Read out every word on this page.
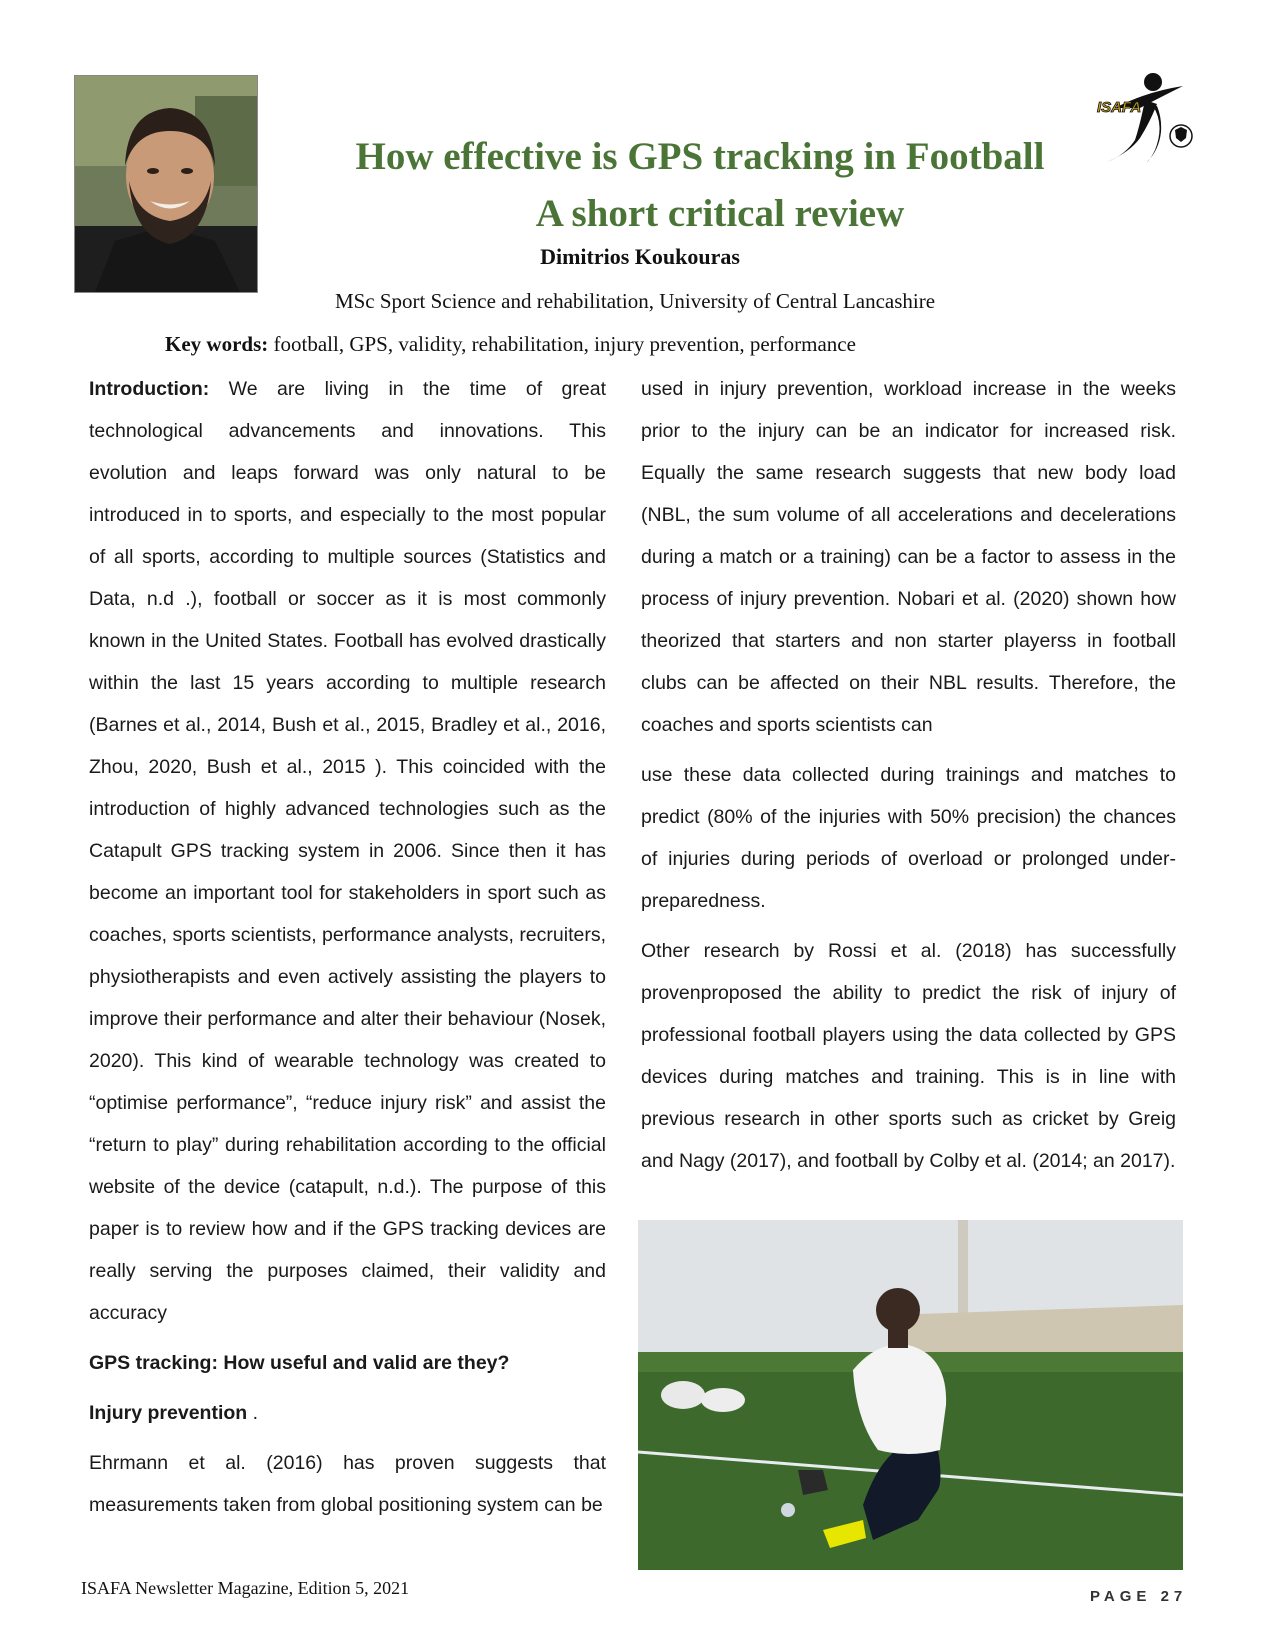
ISAFA
How effective is GPS tracking in Football
A short critical review
Dimitrios Koukouras
MSc Sport Science and rehabilitation, University of Central Lancashire
Key words: football, GPS, validity, rehabilitation, injury prevention, performance

Introduction: We are living in the time of great technological advancements and innovations. This evolution and leaps forward was only natural to be introduced in to sports, and especially to the most popular of all sports, according to multiple sources (Statistics and Data, n.d .), football or soccer as it is most commonly known in the United States. Football has evolved drastically within the last 15 years according to multiple research (Barnes et al., 2014, Bush et al., 2015, Bradley et al., 2016, Zhou, 2020, Bush et al., 2015 ). This coincided with the introduction of highly advanced technologies such as the Catapult GPS tracking system in 2006. Since then it has become an important tool for stakeholders in sport such as coaches, sports scientists, performance analysts, recruiters, physiotherapists and even actively assisting the players to improve their performance and alter their behaviour (Nosek, 2020). This kind of wearable technology was created to “optimise performance”, “reduce injury risk” and assist the “return to play” during rehabilitation according to the official website of the device (catapult, n.d.). The purpose of this paper is to review how and if the GPS tracking devices are really serving the purposes claimed, their validity and accuracy

GPS tracking: How useful and valid are they?

Injury prevention .

Ehrmann et al. (2016) has proven suggests that measurements taken from global positioning system can be

used in injury prevention, workload increase in the weeks prior to the injury can be an indicator for increased risk. Equally the same research suggests that new body load (NBL, the sum volume of all accelerations and decelerations during a match or a training) can be a factor to assess in the process of injury prevention. Nobari et al. (2020) shown how theorized that starters and non starter playerss in football clubs can be affected on their NBL results. Therefore, the coaches and sports scientists can

use these data collected during trainings and matches to predict (80% of the injuries with 50% precision) the chances of injuries during periods of overload or prolonged under-preparedness.

Other research by Rossi et al. (2018) has successfully provenproposed the ability to predict the risk of injury of professional football players using the data collected by GPS devices during matches and training. This is in line with previous research in other sports such as cricket by Greig and Nagy (2017), and football by Colby et al. (2014; an 2017).

ISAFA Newsletter Magazine, Edition 5, 2021	PAGE 27
